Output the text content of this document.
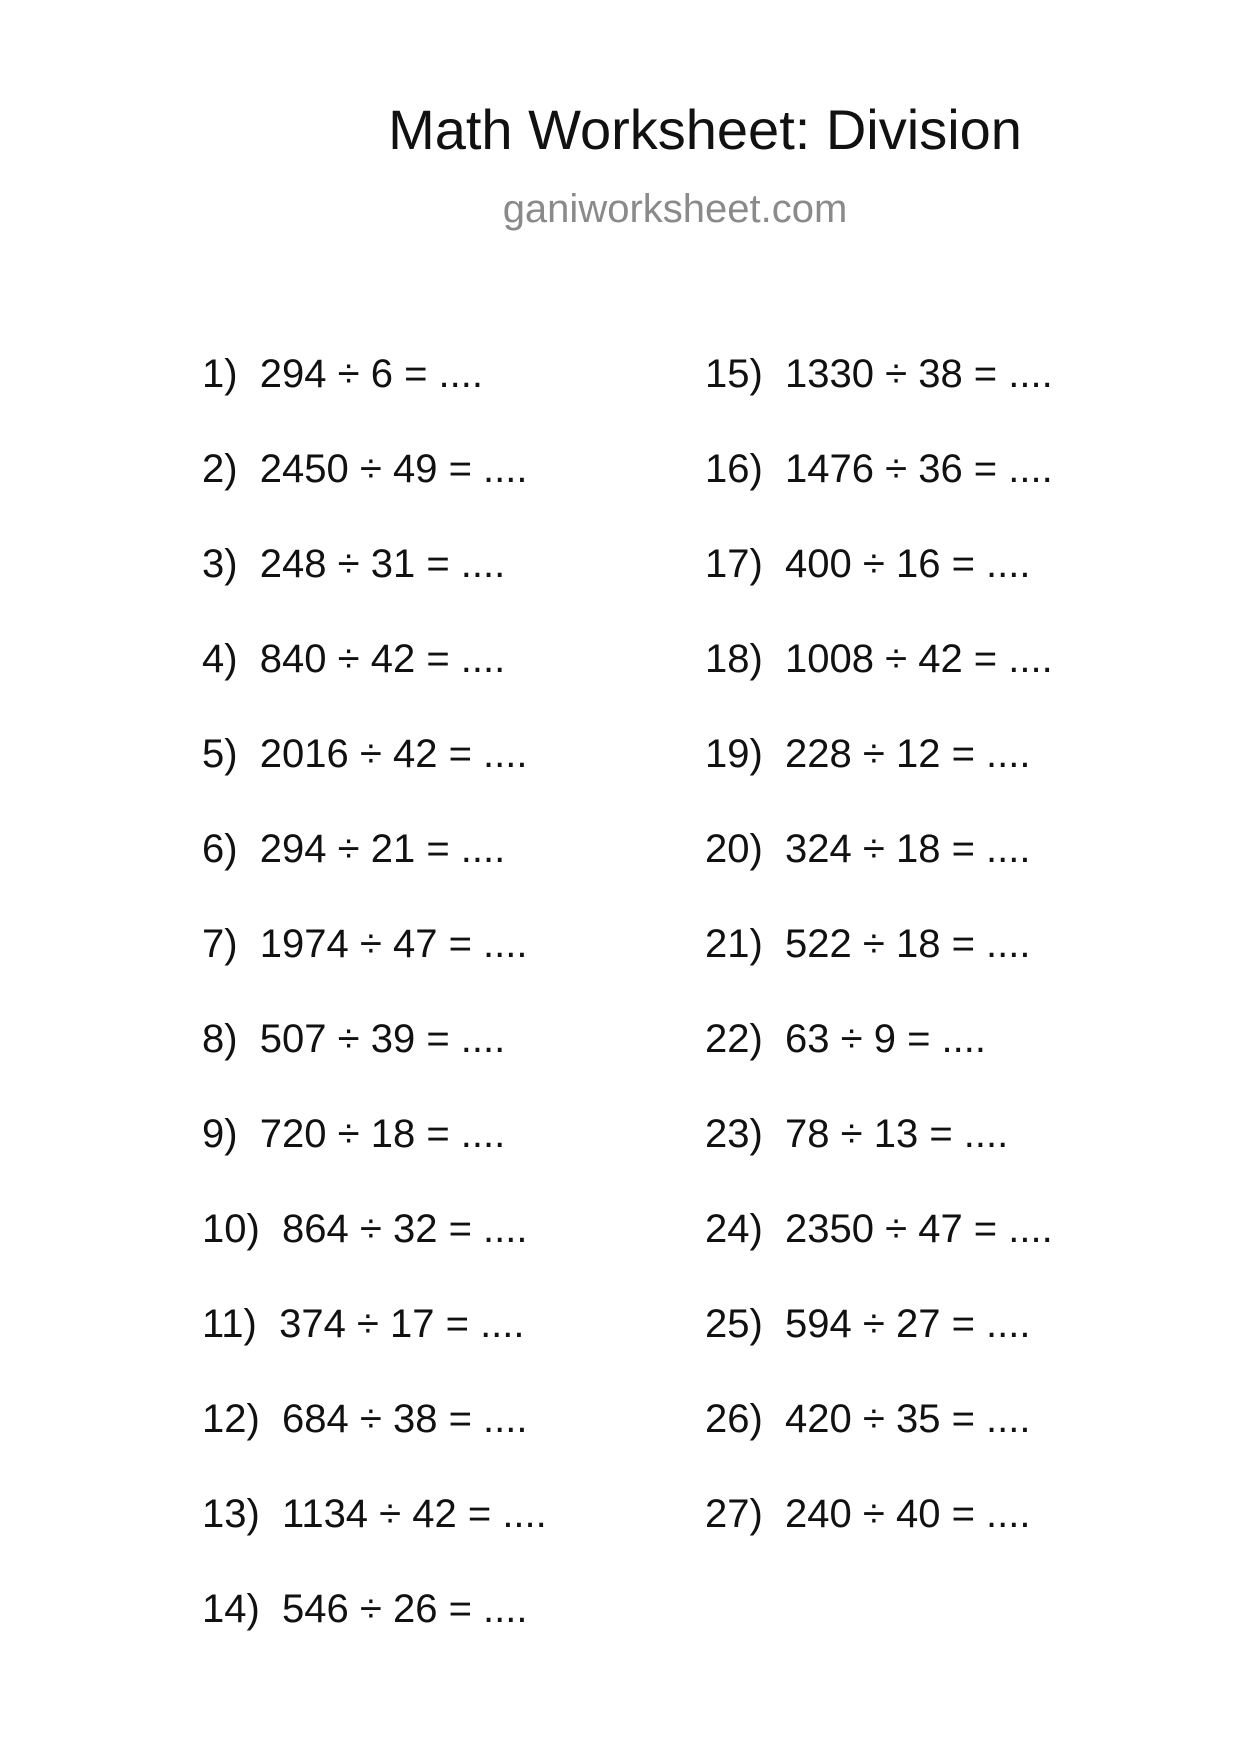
Math Worksheet: Division
ganiworksheet.com
1)  294 ÷ 6 = ....
2)  2450 ÷ 49 = ....
3)  248 ÷ 31 = ....
4)  840 ÷ 42 = ....
5)  2016 ÷ 42 = ....
6)  294 ÷ 21 = ....
7)  1974 ÷ 47 = ....
8)  507 ÷ 39 = ....
9)  720 ÷ 18 = ....
10)  864 ÷ 32 = ....
11)  374 ÷ 17 = ....
12)  684 ÷ 38 = ....
13)  1134 ÷ 42 = ....
14)  546 ÷ 26 = ....
15)  1330 ÷ 38 = ....
16)  1476 ÷ 36 = ....
17)  400 ÷ 16 = ....
18)  1008 ÷ 42 = ....
19)  228 ÷ 12 = ....
20)  324 ÷ 18 = ....
21)  522 ÷ 18 = ....
22)  63 ÷ 9 = ....
23)  78 ÷ 13 = ....
24)  2350 ÷ 47 = ....
25)  594 ÷ 27 = ....
26)  420 ÷ 35 = ....
27)  240 ÷ 40 = ....
